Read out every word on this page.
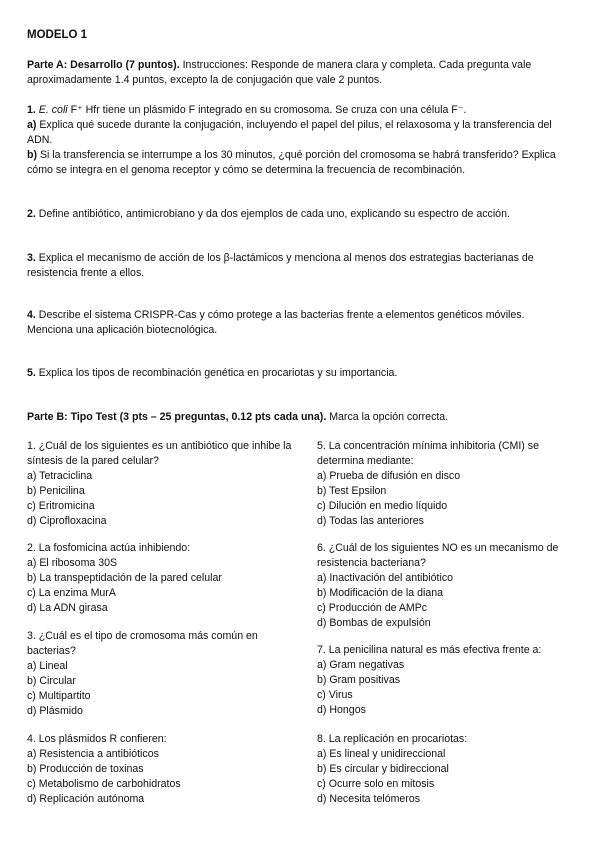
MODELO 1

Parte A: Desarrollo (7 puntos). Instrucciones: Responde de manera clara y completa. Cada pregunta vale aproximadamente 1.4 puntos, excepto la de conjugación que vale 2 puntos.

1. E. coli F⁺ Hfr tiene un plásmido F integrado en su cromosoma. Se cruza con una célula F⁻.

a) Explica qué sucede durante la conjugación, incluyendo el papel del pilus, el relaxosoma y la transferencia del ADN.

b) Si la transferencia se interrumpe a los 30 minutos, ¿qué porción del cromosoma se habrá transferido? Explica cómo se integra en el genoma receptor y cómo se determina la frecuencia de recombinación.

2. Define antibiótico, antimicrobiano y da dos ejemplos de cada uno, explicando su espectro de acción.

3. Explica el mecanismo de acción de los β-lactámicos y menciona al menos dos estrategias bacterianas de resistencia frente a ellos.

4. Describe el sistema CRISPR-Cas y cómo protege a las bacterias frente a elementos genéticos móviles. Menciona una aplicación biotecnológica.

5. Explica los tipos de recombinación genética en procariotas y su importancia.

Parte B: Tipo Test (3 pts – 25 preguntas, 0.12 pts cada una). Marca la opción correcta.

1. ¿Cuál de los siguientes es un antibiótico que inhibe la síntesis de la pared celular?
a) Tetraciclina
b) Penicilina
c) Eritromicina
d) Ciprofloxacina
2. La fosfomicina actúa inhibiendo:
a) El ribosoma 30S
b) La transpeptidación de la pared celular
c) La enzima MurA
d) La ADN girasa
3. ¿Cuál es el tipo de cromosoma más común en bacterias?
a) Lineal
b) Circular
c) Multipartito
d) Plásmido
4. Los plásmidos R confieren:
a) Resistencia a antibióticos
b) Producción de toxinas
c) Metabolismo de carbohidratos
d) Replicación autónoma
5. La concentración mínima inhibitoria (CMI) se determina mediante:
a) Prueba de difusión en disco
b) Test Epsilon
c) Dilución en medio líquido
d) Todas las anteriores
6. ¿Cuál de los siguientes NO es un mecanismo de resistencia bacteriana?
a) Inactivación del antibiótico
b) Modificación de la diana
c) Producción de AMPc
d) Bombas de expulsión
7. La penicilina natural es más efectiva frente a:
a) Gram negativas
b) Gram positivas
c) Virus
d) Hongos
8. La replicación en procariotas:
a) Es lineal y unidireccional
b) Es circular y bidireccional
c) Ocurre solo en mitosis
d) Necesita telómeros
